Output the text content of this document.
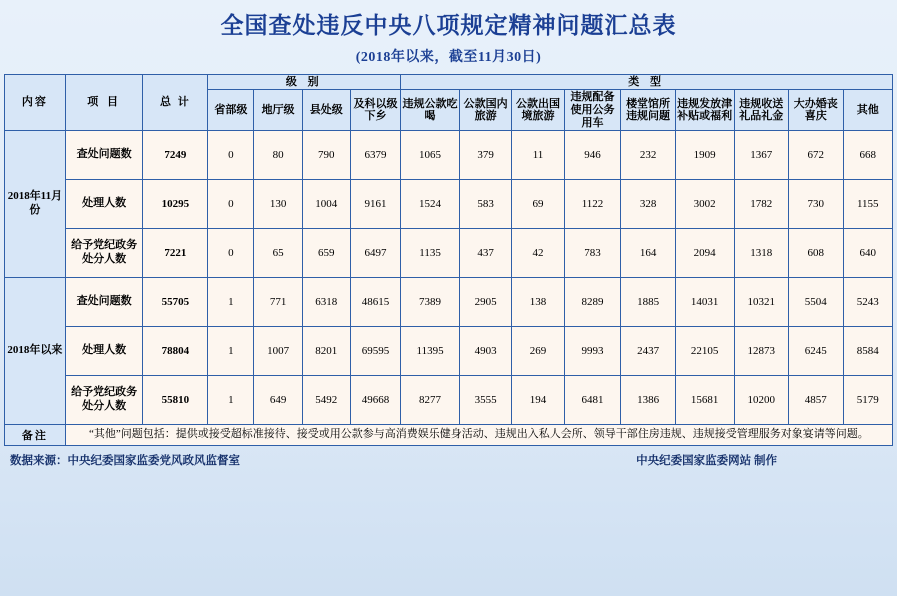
全国查处违反中央八项规定精神问题汇总表
(2018年以来，截至11月30日)
内容	项 目	总 计	级 别				类 型								
			省部级	地厅级	县处级	及科以级下乡	违规公款吃喝	公款国内旅游	公款出国境旅游	违规配备使用公务用车	楼堂馆所违规问题	违规发放津补贴或福利	违规收送礼品礼金	大办婚丧喜庆	其他
2018年11月份	查处问题数	7249	0	80	790	6379	1065	379	11	946	232	1909	1367	672	668
	处理人数	10295	0	130	1004	9161	1524	583	69	1122	328	3002	1782	730	1155
	给予党纪政务处分人数	7221	0	65	659	6497	1135	437	42	783	164	2094	1318	608	640
2018年以来	查处问题数	55705	1	771	6318	48615	7389	2905	138	8289	1885	14031	10321	5504	5243
	处理人数	78804	1	1007	8201	69595	11395	4903	269	9993	2437	22105	12873	6245	8584
	给予党纪政务处分人数	55810	1	649	5492	49668	8277	3555	194	6481	1386	15681	10200	4857	5179
备注	“其他”问题包括：提供或接受超标准接待、接受或用公款参与高消费娱乐健身活动、违规出入私人会所、领导干部住房违规、违规接受管理服务对象宴请等问题。														
数据来源：中央纪委国家监委党风政风监督室	中央纪委国家监委网站 制作
